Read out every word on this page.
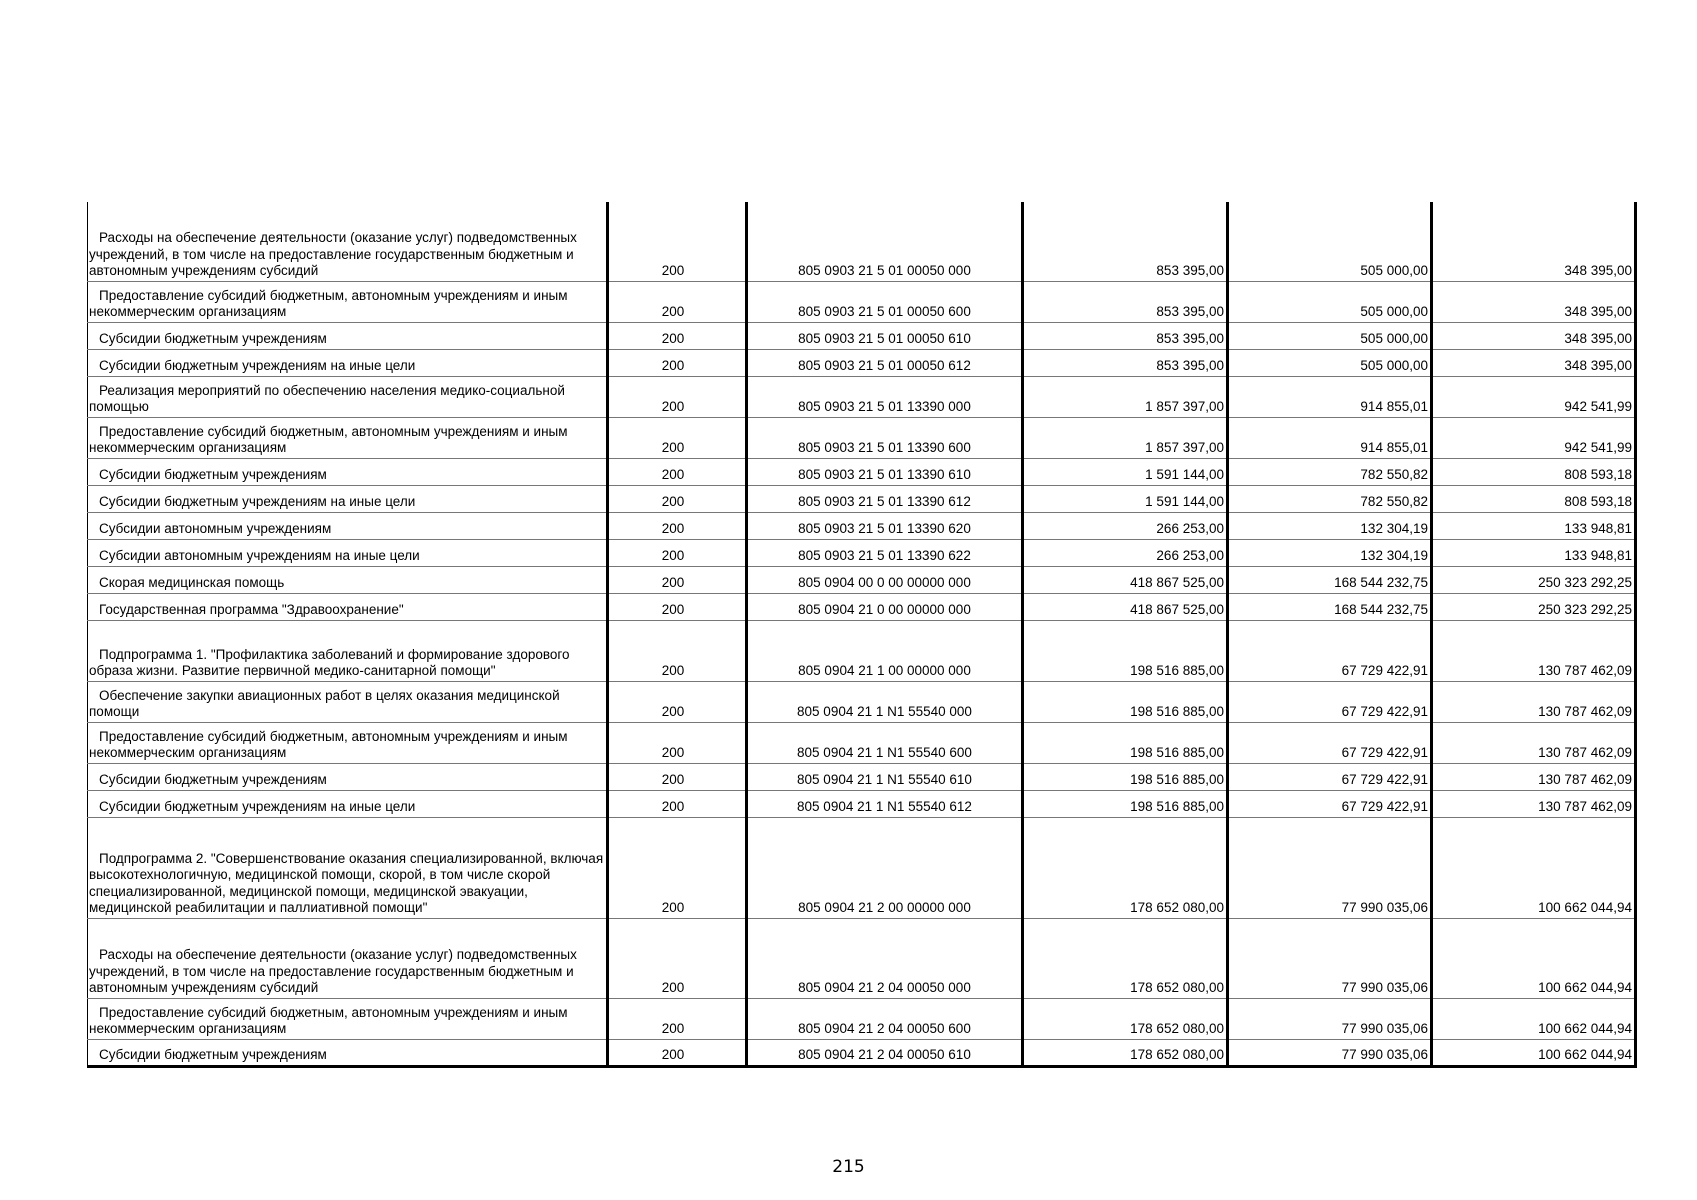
Расходы на обеспечение деятельности (оказание услуг) подведомственных учреждений, в том числе на предоставление государственным бюджетным и автономным учреждениям субсидий	200	805 0903 21 5 01 00050 000	853 395,00	505 000,00	348 395,00
Предоставление субсидий бюджетным, автономным учреждениям и иным некоммерческим организациям	200	805 0903 21 5 01 00050 600	853 395,00	505 000,00	348 395,00
Субсидии бюджетным учреждениям	200	805 0903 21 5 01 00050 610	853 395,00	505 000,00	348 395,00
Субсидии бюджетным учреждениям на иные цели	200	805 0903 21 5 01 00050 612	853 395,00	505 000,00	348 395,00
Реализация мероприятий по обеспечению населения медико-социальной помощью	200	805 0903 21 5 01 13390 000	1 857 397,00	914 855,01	942 541,99
Предоставление субсидий бюджетным, автономным учреждениям и иным некоммерческим организациям	200	805 0903 21 5 01 13390 600	1 857 397,00	914 855,01	942 541,99
Субсидии бюджетным учреждениям	200	805 0903 21 5 01 13390 610	1 591 144,00	782 550,82	808 593,18
Субсидии бюджетным учреждениям на иные цели	200	805 0903 21 5 01 13390 612	1 591 144,00	782 550,82	808 593,18
Субсидии автономным учреждениям	200	805 0903 21 5 01 13390 620	266 253,00	132 304,19	133 948,81
Субсидии автономным учреждениям на иные цели	200	805 0903 21 5 01 13390 622	266 253,00	132 304,19	133 948,81
Скорая медицинская помощь	200	805 0904 00 0 00 00000 000	418 867 525,00	168 544 232,75	250 323 292,25
Государственная программа "Здравоохранение"	200	805 0904 21 0 00 00000 000	418 867 525,00	168 544 232,75	250 323 292,25
Подпрограмма 1. "Профилактика заболеваний и формирование здорового образа жизни. Развитие первичной медико-санитарной помощи"	200	805 0904 21 1 00 00000 000	198 516 885,00	67 729 422,91	130 787 462,09
Обеспечение закупки авиационных работ в целях оказания медицинской помощи	200	805 0904 21 1 N1 55540 000	198 516 885,00	67 729 422,91	130 787 462,09
Предоставление субсидий бюджетным, автономным учреждениям и иным некоммерческим организациям	200	805 0904 21 1 N1 55540 600	198 516 885,00	67 729 422,91	130 787 462,09
Субсидии бюджетным учреждениям	200	805 0904 21 1 N1 55540 610	198 516 885,00	67 729 422,91	130 787 462,09
Субсидии бюджетным учреждениям на иные цели	200	805 0904 21 1 N1 55540 612	198 516 885,00	67 729 422,91	130 787 462,09
Подпрограмма 2. "Совершенствование оказания специализированной, включая высокотехнологичную, медицинской помощи, скорой, в том числе скорой специализированной, медицинской помощи, медицинской эвакуации, медицинской реабилитации и паллиативной помощи"	200	805 0904 21 2 00 00000 000	178 652 080,00	77 990 035,06	100 662 044,94
Расходы на обеспечение деятельности (оказание услуг) подведомственных учреждений, в том числе на предоставление государственным бюджетным и автономным учреждениям субсидий	200	805 0904 21 2 04 00050 000	178 652 080,00	77 990 035,06	100 662 044,94
Предоставление субсидий бюджетным, автономным учреждениям и иным некоммерческим организациям	200	805 0904 21 2 04 00050 600	178 652 080,00	77 990 035,06	100 662 044,94
Субсидии бюджетным учреждениям	200	805 0904 21 2 04 00050 610	178 652 080,00	77 990 035,06	100 662 044,94
215
